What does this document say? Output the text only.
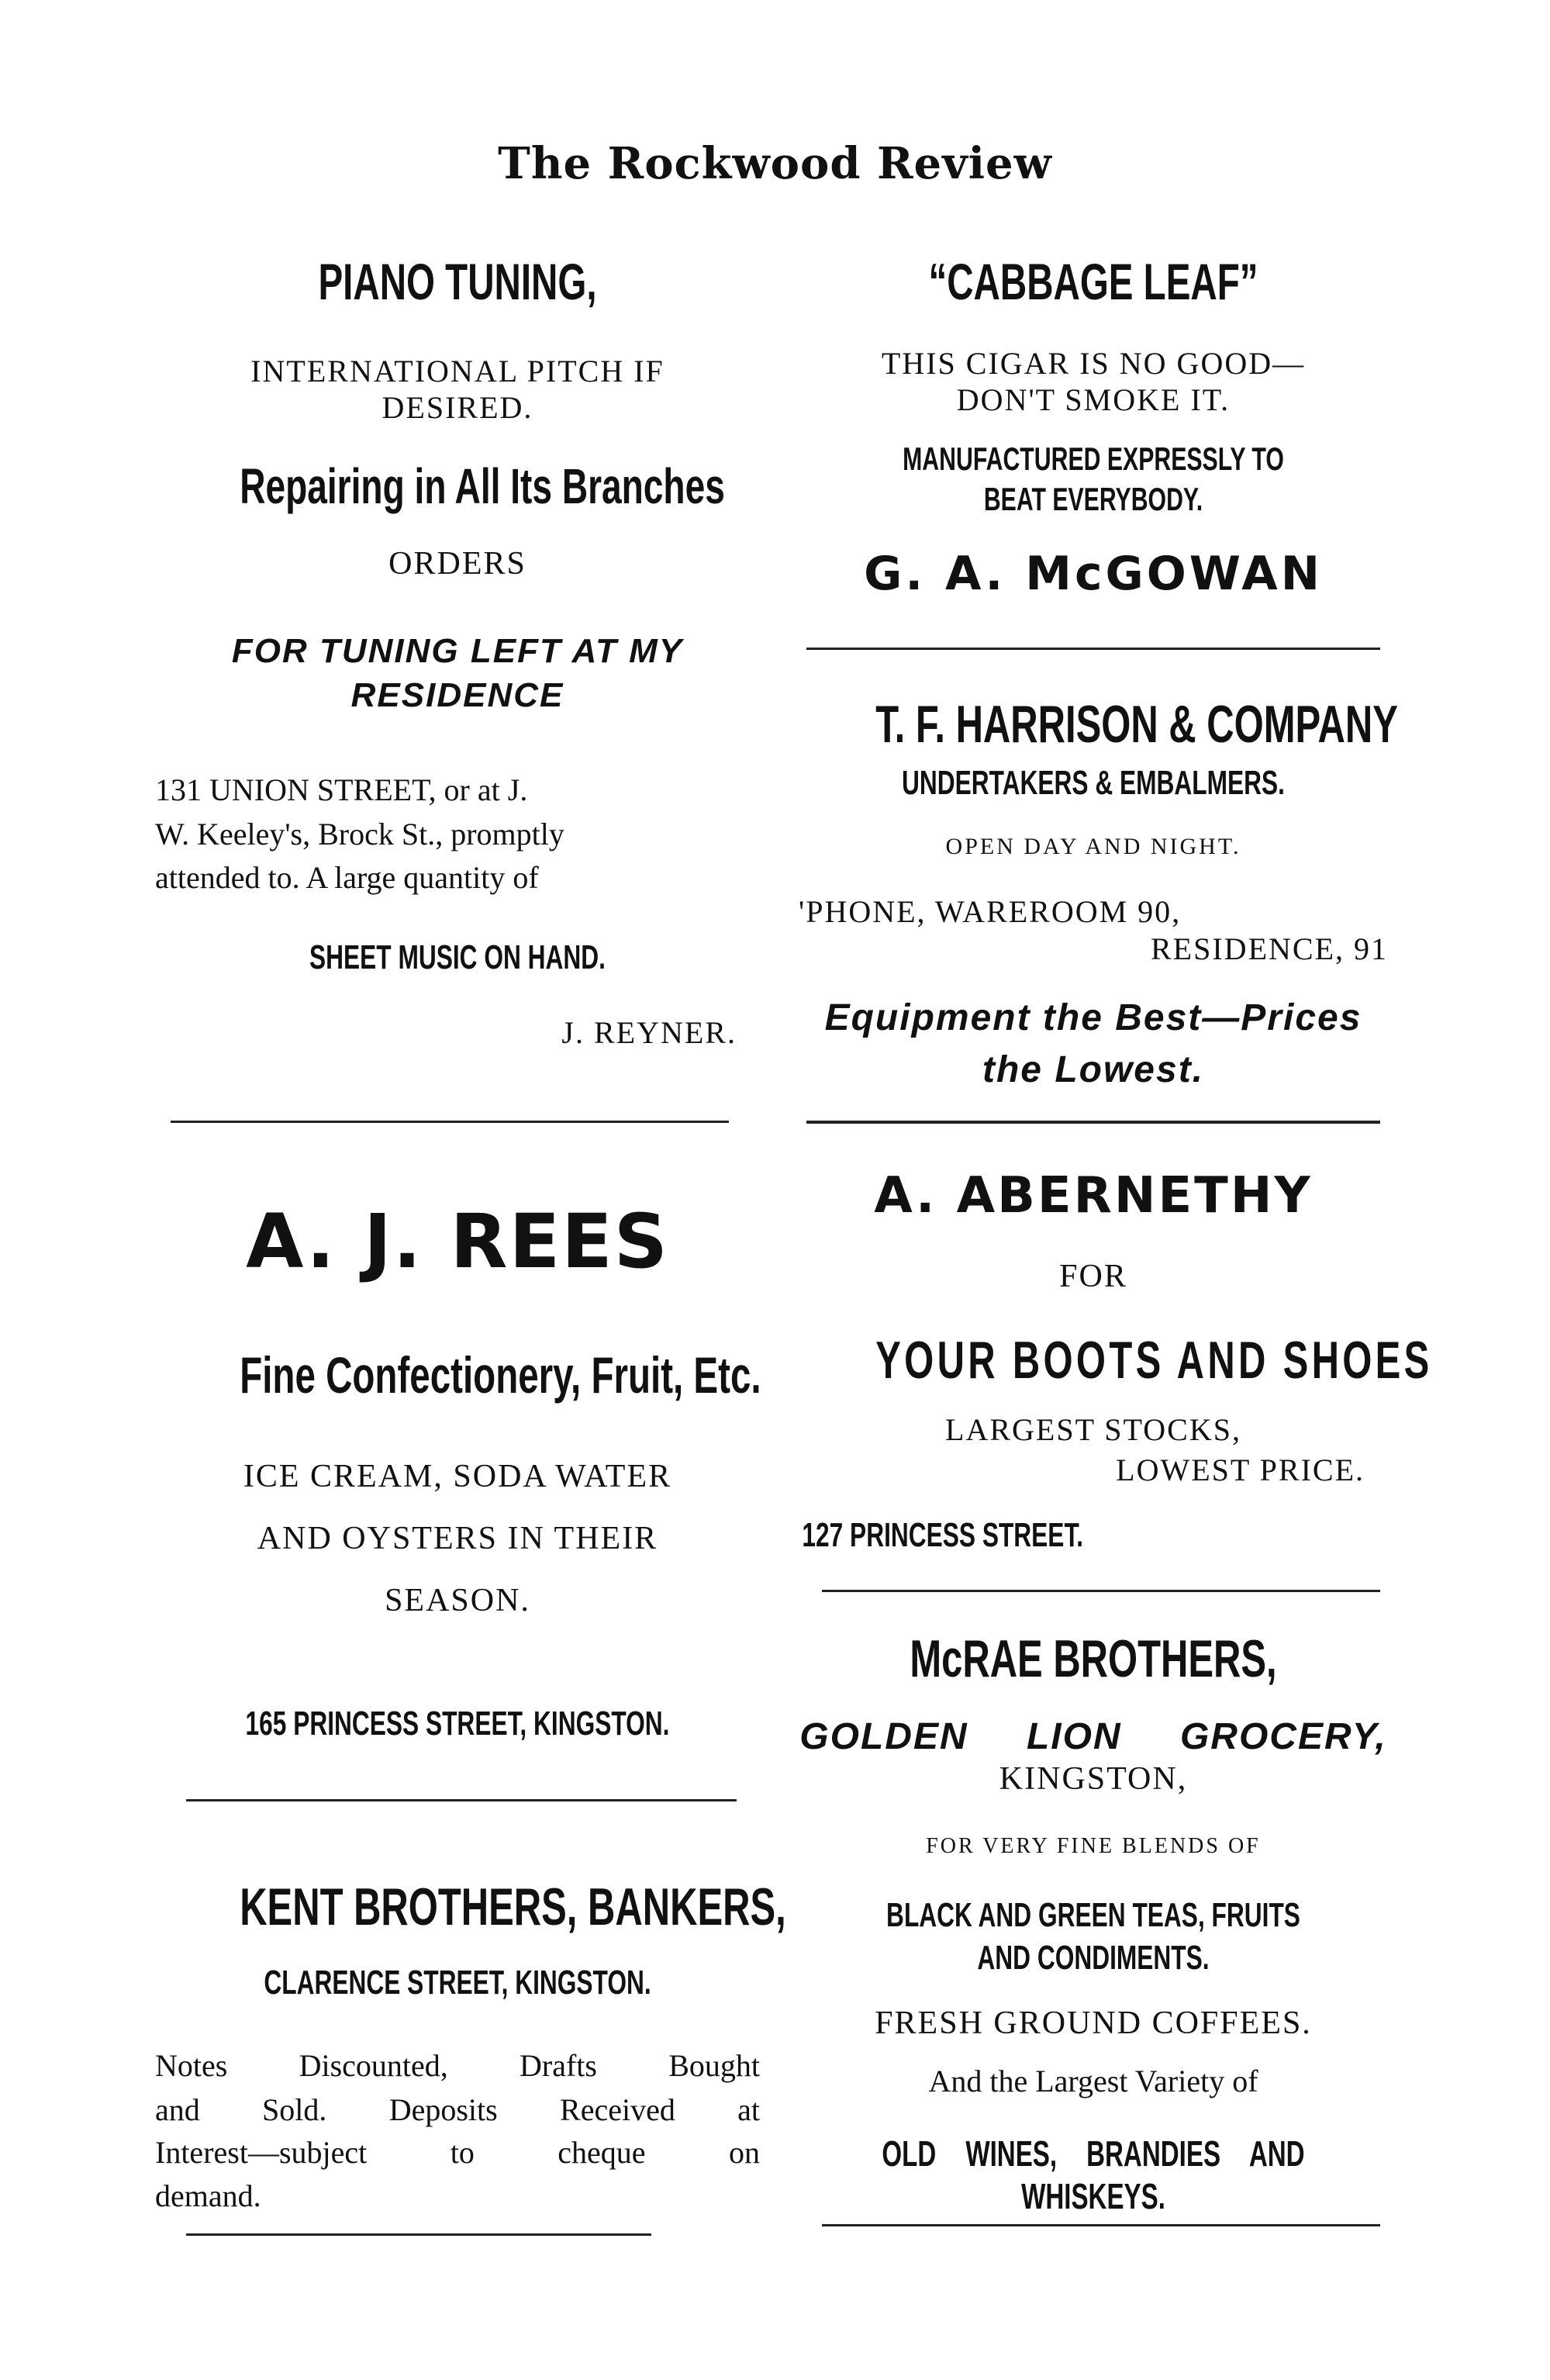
The Rockwood Review
PIANO TUNING,
INTERNATIONAL PITCH IF
DESIRED.
Repairing in All Its Branches
ORDERS
FOR TUNING LEFT AT MY
RESIDENCE
131 UNION STREET, or at J.
W. Keeley's, Brock St., promptly
attended to. A large quantity of
SHEET MUSIC ON HAND.
J. REYNER.
A. J. REES
Fine Confectionery, Fruit, Etc.
ICE CREAM, SODA WATER
AND OYSTERS IN THEIR
SEASON.
165 PRINCESS STREET, KINGSTON.
KENT BROTHERS, BANKERS,
CLARENCE STREET, KINGSTON.
Notes Discounted, Drafts Bought
and Sold. Deposits Received at
Interest—subject to cheque on
demand.
“CABBAGE LEAF”
THIS CIGAR IS NO GOOD—
DON'T SMOKE IT.
MANUFACTURED EXPRESSLY TO
BEAT EVERYBODY.
G. A. McGOWAN
T. F. HARRISON & COMPANY
UNDERTAKERS & EMBALMERS.
OPEN DAY AND NIGHT.
'PHONE, WAREROOM 90,
RESIDENCE, 91
Equipment the Best—Prices
the Lowest.
A. ABERNETHY
FOR
YOUR BOOTS AND SHOES
LARGEST STOCKS,
LOWEST PRICE.
127 PRINCESS STREET.
McRAE BROTHERS,
GOLDEN LION GROCERY,
KINGSTON,
FOR VERY FINE BLENDS OF
BLACK AND GREEN TEAS, FRUITS
AND CONDIMENTS.
FRESH GROUND COFFEES.
And the Largest Variety of
OLD WINES, BRANDIES AND
WHISKEYS.
